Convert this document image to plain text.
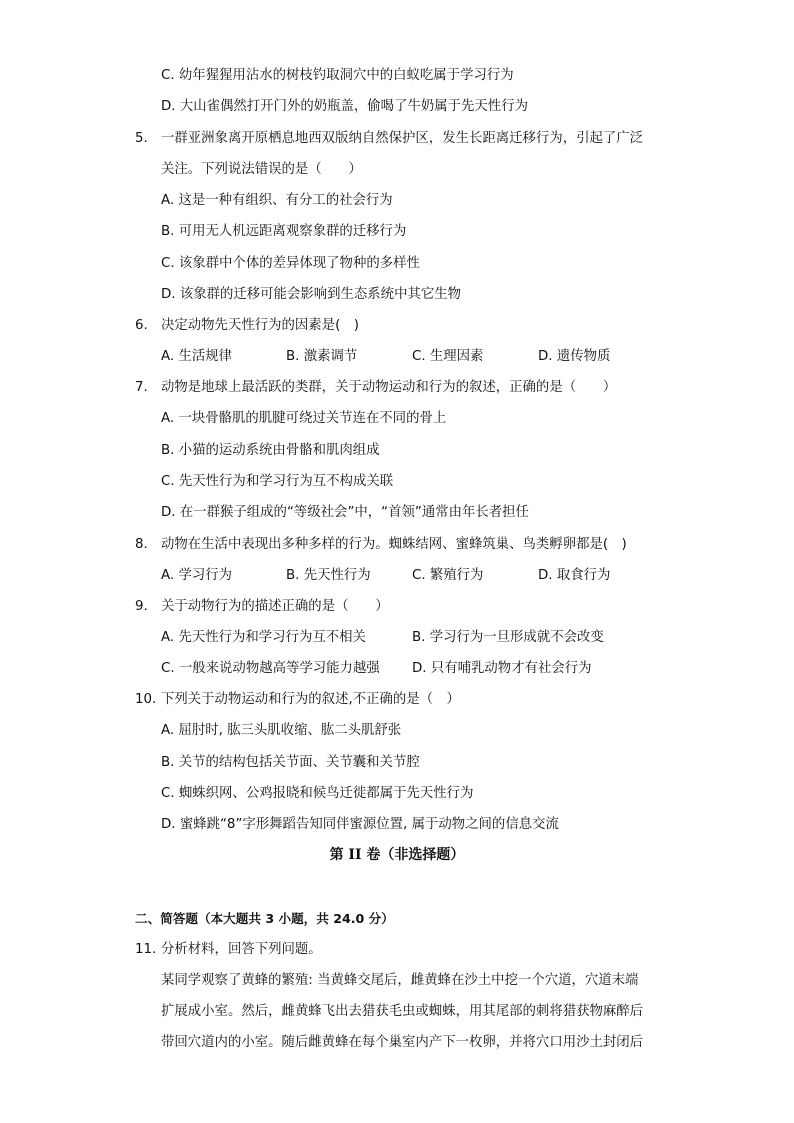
C. 幼年猩猩用沾水的树枝钓取洞穴中的白蚁吃属于学习行为
D. 大山雀偶然打开门外的奶瓶盖，偷喝了牛奶属于先天性行为
5. 一群亚洲象离开原栖息地西双版纳自然保护区，发生长距离迁移行为，引起了广泛
关注。下列说法错误的是（　　）
A. 这是一种有组织、有分工的社会行为
B. 可用无人机远距离观察象群的迁移行为
C. 该象群中个体的差异体现了物种的多样性
D. 该象群的迁移可能会影响到生态系统中其它生物
6. 决定动物先天性行为的因素是(　)
A. 生活规律	B. 激素调节	C. 生理因素	D. 遗传物质
7. 动物是地球上最活跃的类群，关于动物运动和行为的叙述，正确的是（　　）
A. 一块骨骼肌的肌腱可绕过关节连在不同的骨上
B. 小猫的运动系统由骨骼和肌肉组成
C. 先天性行为和学习行为互不构成关联
D. 在一群猴子组成的“等级社会”中，“首领”通常由年长者担任
8. 动物在生活中表现出多种多样的行为。蜘蛛结网、蜜蜂筑巢、鸟类孵卵都是(　)
A. 学习行为	B. 先天性行为	C. 繁殖行为	D. 取食行为
9. 关于动物行为的描述正确的是（　　）
A. 先天性行为和学习行为互不相关	B. 学习行为一旦形成就不会改变
C. 一般来说动物越高等学习能力越强 D. 只有哺乳动物才有社会行为
10. 下列关于动物运动和行为的叙述,不正确的是（　）
A. 屈肘时, 肱三头肌收缩、肱二头肌舒张
B. 关节的结构包括关节面、关节囊和关节腔
C. 蜘蛛织网、公鸡报晓和候鸟迁徙都属于先天性行为
D. 蜜蜂跳“8”字形舞蹈告知同伴蜜源位置, 属于动物之间的信息交流
第 II 卷（非选择题）
二、简答题（本大题共 3 小题，共 24.0 分）
11. 分析材料，回答下列问题。
某同学观察了黄蜂的繁殖: 当黄蜂交尾后，雌黄蜂在沙土中挖一个穴道，穴道末端
扩展成小室。然后，雌黄蜂飞出去猎获毛虫或蜘蛛，用其尾部的刺将猎获物麻醉后
带回穴道内的小室。随后雌黄蜂在每个巢室内产下一枚卵，并将穴口用沙土封闭后
